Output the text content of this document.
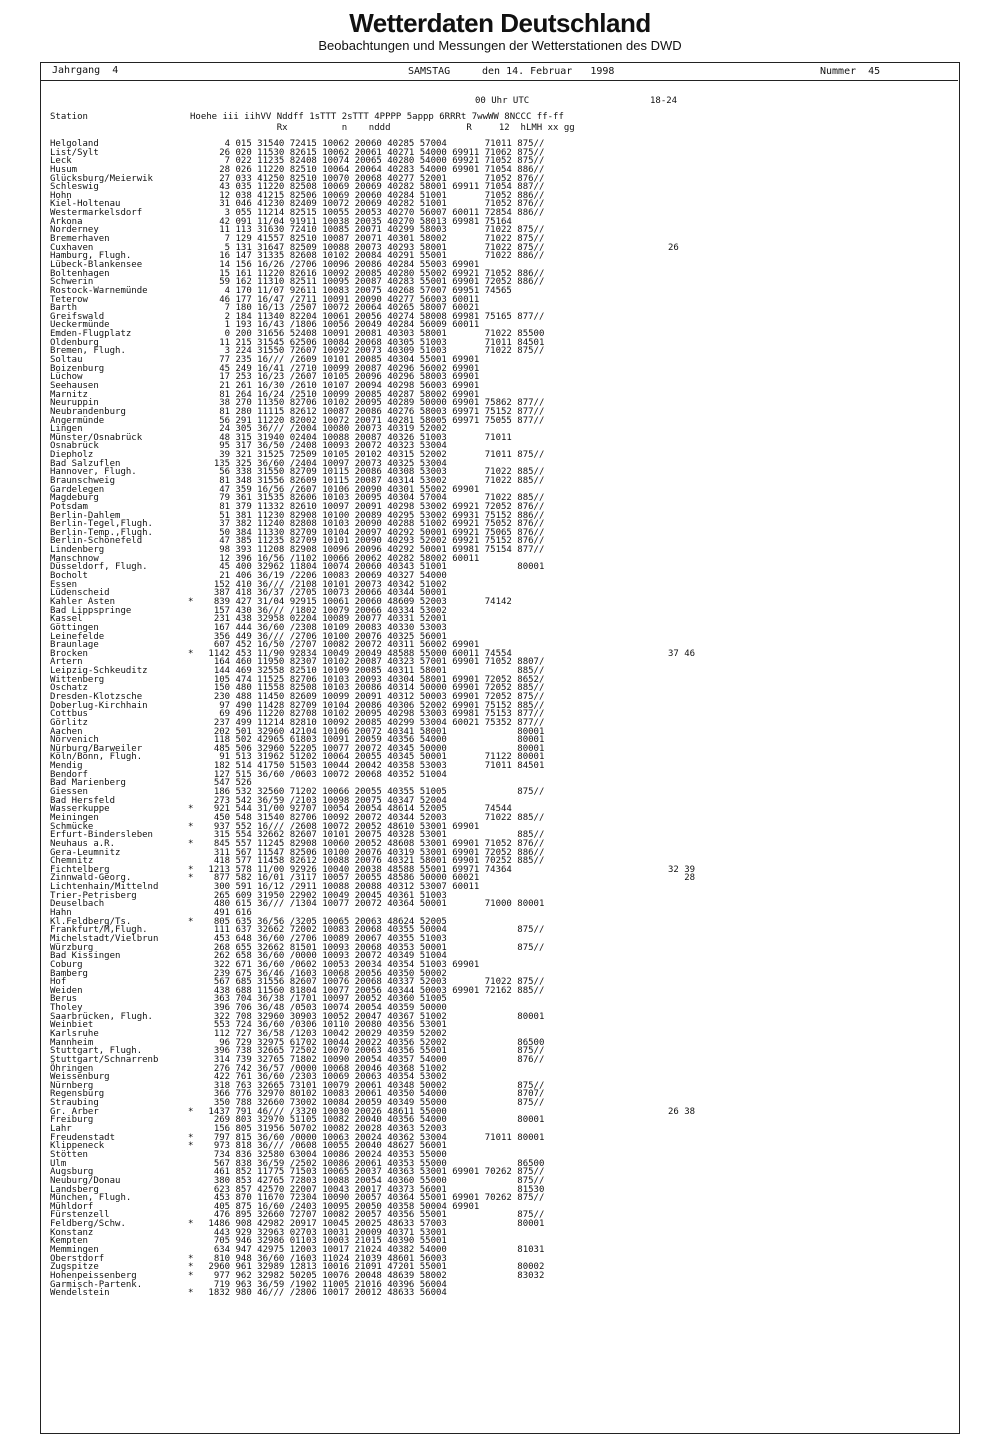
Wetterdaten Deutschland
Beobachtungen und Messungen der Wetterstationen des DWD
Jahrgang  4	SAMSTAG	den 14. Februar   1998	Nummer  45
00 Uhr UTC	18-24
Station	Hoehe iii iihVV Nddff 1sTTT 2sTTT 4PPPP 5appp 6RRRt 7wwWW 8NCCC ff-ff
Rx          n    nddd              R     12  hLMH xx gg
Helgoland	4 015 31540 72415 10062 20060 40285 57004       71011 875//
List/Sylt	26 020 11530 82615 10062 20061 40271 54000 69911 71062 875//
Leck	7 022 11235 82408 10074 20065 40280 54000 69921 71052 875//
Husum	28 026 11220 82510 10064 20064 40283 54000 69901 71054 886//
Glücksburg/Meierwik	27 033 41250 82510 10070 20068 40277 52001       71052 876//
Schleswig	43 035 11220 82508 10069 20069 40282 58001 69911 71054 887//
Hohn	12 038 41215 82506 10069 20060 40284 51001       71052 886//
Kiel-Holtenau	31 046 41230 82409 10072 20069 40282 51001       71052 876//
Westermarkelsdorf	3 055 11214 82515 10055 20053 40270 56007 60011 72854 886//
Arkona	42 091 11/04 91911 10038 20035 40270 58013 69981 75164
Norderney	11 113 31630 72410 10085 20071 40299 58003       71022 875//
Bremerhaven	7 129 41557 82510 10087 20071 40301 58002       71022 875//
Cuxhaven	5 131 31647 82509 10088 20073 40293 58001       71022 875//	26
Hamburg, Flugh.	16 147 31335 82608 10102 20084 40291 55001       71022 886//
Lübeck-Blankensee	14 156 16/26 /2706 10096 20086 40284 55003 69901
Boltenhagen	15 161 11220 82616 10092 20085 40280 55002 69921 71052 886//
Schwerin	59 162 11310 82511 10095 20087 40283 55001 69901 72052 886//
Rostock-Warnemünde	4 170 11/07 92611 10083 20075 40268 57007 69951 74565
Teterow	46 177 16/47 /2711 10091 20090 40277 56003 60011
Barth	7 180 16/13 /2507 10072 20064 40265 58007 60021
Greifswald	2 184 11340 82204 10061 20056 40274 58008 69981 75165 877//
Ueckermünde	1 193 16/43 /1806 10056 20049 40284 56009 60011
Emden-Flugplatz	0 200 31656 52408 10091 20081 40303 58001       71022 85500
Oldenburg	11 215 31545 62506 10084 20068 40305 51003       71011 84501
Bremen, Flugh.	3 224 31550 72607 10092 20073 40309 51003       71022 875//
Soltau	77 235 16/// /2609 10101 20085 40304 55001 69901
Boizenburg	45 249 16/41 /2710 10099 20087 40296 56002 69901
Lüchow	17 253 16/23 /2607 10105 20096 40296 58003 69901
Seehausen	21 261 16/30 /2610 10107 20094 40298 56003 69901
Marnitz	81 264 16/24 /2510 10099 20085 40287 58002 69901
Neuruppin	38 270 11350 82706 10102 20095 40289 50000 69901 75862 877//
Neubrandenburg	81 280 11115 82612 10087 20086 40276 58003 69971 75152 877//
Angermünde	56 291 11220 82002 10072 20071 40281 58005 69971 75055 877//
Lingen	24 305 36/// /2004 10080 20073 40319 52002
Münster/Osnabrück	48 315 31940 02404 10088 20087 40326 51003       71011
Osnabrück	95 317 36/50 /2408 10093 20072 40323 53004
Diepholz	39 321 31525 72509 10105 20102 40315 52002       71011 875//
Bad Salzuflen	135 325 36/60 /2404 10097 20073 40325 53004
Hannover, Flugh.	56 338 31550 82709 10115 20086 40308 53003       71022 885//
Braunschweig	81 348 31556 82609 10115 20087 40314 53002       71022 885//
Gardelegen	47 359 16/56 /2607 10106 20090 40301 55002 69901
Magdeburg	79 361 31535 82606 10103 20095 40304 57004       71022 885//
Potsdam	81 379 11332 82610 10097 20091 40298 53002 69921 72052 876//
Berlin-Dahlem	51 381 11230 82908 10100 20089 40295 53002 69931 75152 886//
Berlin-Tegel,Flugh.	37 382 11240 82808 10103 20090 40288 51002 69921 75052 876//
Berlin-Temp.,Flugh.	50 384 11330 82709 10104 20097 40292 50001 69921 75065 876//
Berlin-Schönefeld	47 385 11235 82709 10101 20090 40293 52002 69921 75152 876//
Lindenberg	98 393 11208 82908 10096 20096 40292 50001 69981 75154 877//
Manschnow	12 396 16/56 /1102 10066 20062 40282 58002 60011
Düsseldorf, Flugh.	45 400 32962 11804 10074 20060 40343 51001             80001
Bocholt	21 406 36/19 /2206 10083 20069 40327 54000
Essen	152 410 36/// /2108 10101 20073 40342 51002
Lüdenscheid	387 418 36/37 /2705 10073 20066 40344 50001
Kahler Asten	* 839 427 31/04 92915 10061 20060 48609 52003       74142
Bad Lippspringe	157 430 36/// /1802 10079 20066 40334 53002
Kassel	231 438 32958 02204 10089 20077 40331 52001
Göttingen	167 444 36/60 /2308 10109 20083 40330 53003
Leinefelde	356 449 36/// /2706 10100 20076 40325 56001
Braunlage	607 452 16/50 /2707 10082 20072 40311 56002 69901
Brocken	* 1142 453 11/90 92834 10049 20049 48588 55000 60011 74554	37 46
Artern	164 460 11950 82307 10102 20087 40323 57001 69901 71052 8807/
Leipzig-Schkeuditz	144 469 32558 82510 10109 20085 40311 58001             885//
Wittenberg	105 474 11525 82706 10103 20093 40304 58001 69901 72052 8652/
Oschatz	150 480 11558 82508 10103 20086 40314 50000 69901 72052 885//
Dresden-Klotzsche	230 488 11450 82609 10099 20091 40312 50003 69901 72052 875//
Doberlug-Kirchhain	97 490 11428 82709 10104 20086 40306 52002 69901 75152 885//
Cottbus	69 496 11220 82708 10102 20095 40298 53003 69981 75153 877//
Görlitz	237 499 11214 82810 10092 20085 40299 53004 60021 75352 877//
Aachen	202 501 32960 42104 10106 20072 40341 58001             80001
Nörvenich	118 502 42965 61803 10091 20059 40356 54000             80001
Nürburg/Barweiler	485 506 32960 52205 10077 20072 40345 50000             80001
Köln/Bonn, Flugh.	91 513 31962 51202 10064 20055 40345 50001       71122 80001
Mendig	182 514 41750 51503 10044 20042 40358 53003       71011 84501
Bendorf	127 515 36/60 /0603 10072 20068 40352 51004
Bad Marienberg	547 526
Giessen	186 532 32560 71202 10066 20055 40355 51005             875//
Bad Hersfeld	273 542 36/59 /2103 10098 20075 40347 52004
Wasserkuppe	* 921 544 31/00 92707 10054 20054 48614 52005       74544
Meiningen	450 548 31540 82706 10092 20072 40344 52003       71022 885//
Schmücke	* 937 552 16/// /2608 10072 20052 48610 53001 69901
Erfurt-Bindersleben	315 554 32662 82607 10101 20075 40328 53001             885//
Neuhaus a.R.	* 845 557 11245 82908 10060 20052 48608 53001 69901 71052 876//
Gera-Leumnitz	311 567 11547 82506 10100 20076 40319 53001 69901 72052 886//
Chemnitz	418 577 11458 82612 10088 20076 40321 58001 69901 70252 885//
Fichtelberg	* 1213 578 11/00 92926 10040 20038 48588 55001 69971 74364	32 39
Zinnwald-Georg.	* 877 582 16/01 /3117 10057 20055 48586 50000 60021	28
Lichtenhain/Mittelnd	300 591 16/12 /2911 10088 20088 40312 53007 60011
Trier-Petrisberg	265 609 31950 22902 10049 20045 40361 51003
Deuselbach	480 615 36/// /1304 10077 20072 40364 50001       71000 80001
Hahn	491 616
Kl.Feldberg/Ts.	* 805 635 36/56 /3205 10065 20063 48624 52005
Frankfurt/M,Flugh.	111 637 32662 72002 10083 20068 40355 50004             875//
Michelstadt/Vielbrun	453 648 36/60 /2706 10089 20067 40355 51003
Würzburg	268 655 32662 81501 10093 20068 40353 50001             875//
Bad Kissingen	262 658 36/60 /0000 10093 20072 40349 51004
Coburg	322 671 36/60 /0602 10053 20034 40354 51003 69901
Bamberg	239 675 36/46 /1603 10068 20056 40350 50002
Hof	567 685 31556 82607 10076 20068 40337 52003       71022 875//
Weiden	438 688 11560 81804 10077 20056 40344 50003 69901 72162 885//
Berus	363 704 36/38 /1701 10097 20052 40360 51005
Tholey	396 706 36/48 /0503 10074 20054 40359 50000
Saarbrücken, Flugh.	322 708 32960 30903 10052 20047 40367 51002             80001
Weinbiet	553 724 36/60 /0306 10110 20080 40356 53001
Karlsruhe	112 727 36/58 /1203 10042 20029 40359 52002
Mannheim	96 729 32975 61702 10044 20022 40356 52002             86500
Stuttgart, Flugh.	396 738 32665 72502 10070 20063 40356 55001             875//
Stuttgart/Schnarrenb	314 739 32765 71802 10090 20054 40357 54000             876//
Öhringen	276 742 36/57 /0000 10068 20046 40368 51002
Weissenburg	422 761 36/60 /2303 10069 20063 40354 53002
Nürnberg	318 763 32665 73101 10079 20061 40348 50002             875//
Regensburg	366 776 32970 80102 10083 20061 40350 54000             8707/
Straubing	350 788 32660 73002 10084 20059 40349 55000             875//
Gr. Arber	* 1437 791 46/// /3320 10030 20026 48611 55000	26 38
Freiburg	269 803 32970 51105 10082 20040 40356 54000             80001
Lahr	156 805 31956 50702 10082 20028 40363 52003
Freudenstadt	* 797 815 36/60 /0000 10063 20024 40362 53004       71011 80001
Klippeneck	* 973 818 36/// /0608 10055 20040 48627 56001
Stötten	734 836 32580 63004 10086 20024 40353 55000
Ulm	567 838 36/59 /2502 10086 20061 40353 55000             86500
Augsburg	461 852 11775 71503 10065 20037 40363 53001 69901 70262 875//
Neuburg/Donau	380 853 42765 72803 10088 20054 40360 55000             875//
Landsberg	623 857 42570 22007 10043 20017 40373 56001             81530
München, Flugh.	453 870 11670 72304 10090 20057 40364 55001 69901 70262 875//
Mühldorf	405 875 16/60 /2403 10095 20050 40358 50004 69901
Fürstenzell	476 895 32660 72707 10082 20057 40356 55001             875//
Feldberg/Schw.	* 1486 908 42982 20917 10045 20025 48633 57003             80001
Konstanz	443 929 32963 02703 10031 20009 40371 53001
Kempten	705 946 32986 01103 10003 21015 40390 55001
Memmingen	634 947 42975 12003 10017 21024 40382 54000             81031
Oberstdorf	* 810 948 36/60 /1603 11024 21039 48601 56003
Zugspitze	* 2960 961 32989 12813 10016 21091 47201 55001             80002
Hohenpeissenberg	* 977 962 32982 50205 10076 20048 48639 58002             83032
Garmisch-Partenk.	719 963 36/59 /1902 11005 21016 40396 56004
Wendelstein	* 1832 980 46/// /2806 10017 20012 48633 56004
